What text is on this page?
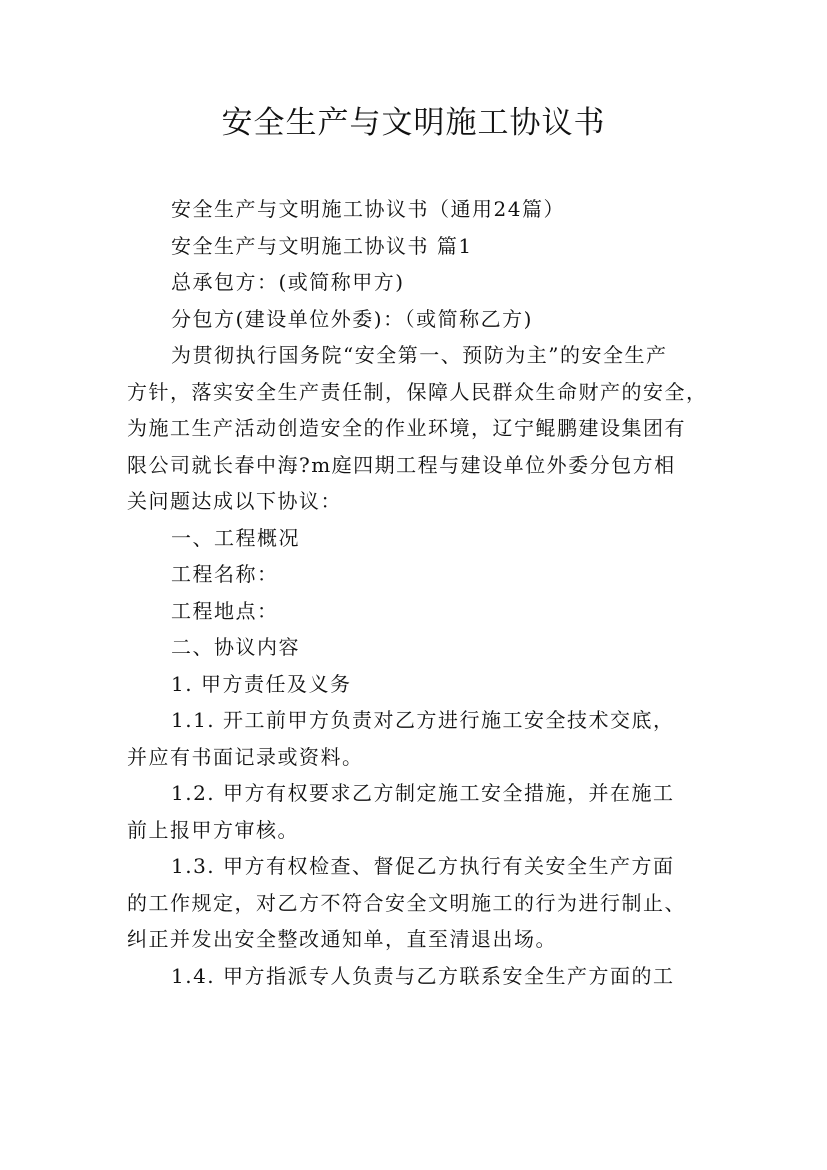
安全生产与文明施工协议书
安全生产与文明施工协议书（通用24篇）
安全生产与文明施工协议书 篇1
总承包方：(或简称甲方)
分包方(建设单位外委)：（或简称乙方)
为贯彻执行国务院“安全第一、预防为主”的安全生产
方针，落实安全生产责任制，保障人民群众生命财产的安全，
为施工生产活动创造安全的作业环境，辽宁鲲鹏建设集团有
限公司就长春中海?m庭四期工程与建设单位外委分包方相
关问题达成以下协议：
一、工程概况
工程名称：
工程地点：
二、协议内容
1. 甲方责任及义务
1.1. 开工前甲方负责对乙方进行施工安全技术交底，
并应有书面记录或资料。
1.2. 甲方有权要求乙方制定施工安全措施，并在施工
前上报甲方审核。
1.3. 甲方有权检查、督促乙方执行有关安全生产方面
的工作规定，对乙方不符合安全文明施工的行为进行制止、
纠正并发出安全整改通知单，直至清退出场。
1.4. 甲方指派专人负责与乙方联系安全生产方面的工
